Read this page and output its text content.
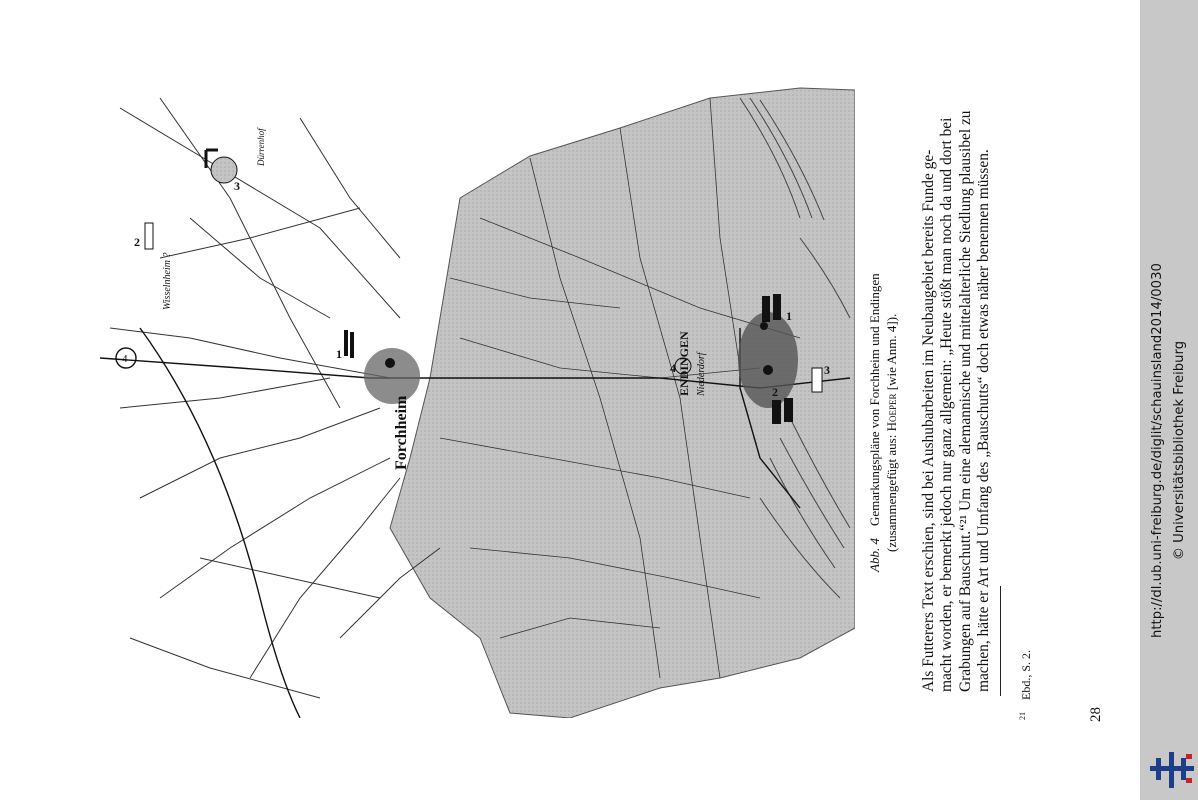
Forchheim
ENDINGEN Niederdorf
Wisselnheim ?
Dürrenhof
4	1
2
3
4
1
2
3
Abb. 4Gemarkungspläne von Forchheim und Endingen (zusammengefügt aus: Hoeper [wie Anm. 4]). Als Futterers Text erschien, sind bei Aushubarbeiten im Neubaugebiet bereits Funde ge- macht worden, er bemerkt jedoch nur ganz allgemein: „Heute stößt man noch da und dort bei Grabungen auf Bauschutt.“²¹ Um eine alemannische und mittelalterliche Siedlung plausibel zu machen, hätte er Art und Umfang des „Bauschutts“ doch etwas näher benennen müssen.
$^{21}$Ebd., S. 2.
28
http://dl.ub.uni-freiburg.de/diglit/schauinsland2014/0030 © Universitätsbibliothek Freiburg
